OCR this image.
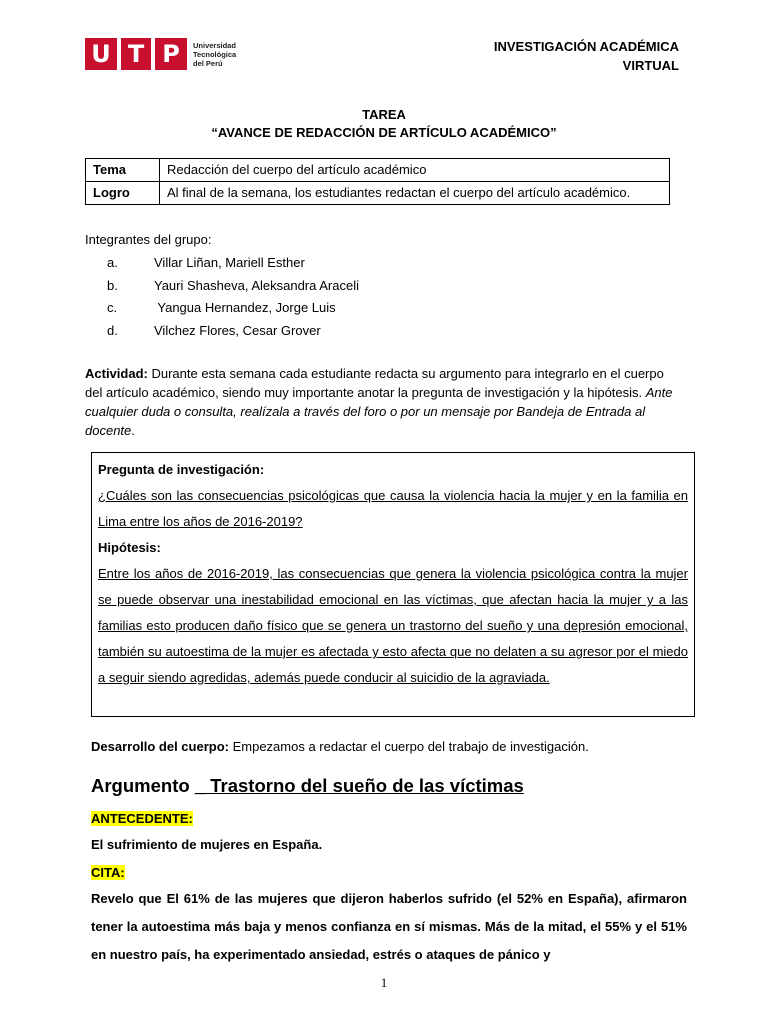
U T P	Universidad
Tecnológica
del Perú
INVESTIGACIÓN ACADÉMICA
VIRTUAL
TAREA
“AVANCE DE REDACCIÓN DE ARTÍCULO ACADÉMICO”
Tema	Redacción del cuerpo del artículo académico
Logro	Al final de la semana, los estudiantes redactan el cuerpo del artículo académico.
Integrantes del grupo:
a.	Villar Liñan, Mariell Esther
b.	Yauri Shasheva, Aleksandra Araceli
c.	Yangua Hernandez, Jorge Luis
d.	Vilchez Flores, Cesar Grover
Actividad: Durante esta semana cada estudiante redacta su argumento para integrarlo en el cuerpo del artículo académico, siendo muy importante anotar la pregunta de investigación y la hipótesis. Ante cualquier duda o consulta, realízala a través del foro o por un mensaje por Bandeja de Entrada al docente.
Pregunta de investigación:
¿Cuáles son las consecuencias psicológicas que causa la violencia hacia la mujer y en la familia en Lima entre los años de 2016-2019?
Hipótesis:
Entre los años de 2016-2019, las consecuencias que genera la violencia psicológica contra la mujer se puede observar una inestabilidad emocional en las víctimas, que afectan hacia la mujer y a las familias esto producen daño físico que se genera un trastorno del sueño y una depresión emocional, también su autoestima de la mujer es afectada y esto afecta que no delaten a su agresor por el miedo a seguir siendo agredidas, además puede conducir al suicidio de la agraviada.
Desarrollo del cuerpo: Empezamos a redactar el cuerpo del trabajo de investigación.
Argumento _ Trastorno del sueño de las víctimas
ANTECEDENTE:
El sufrimiento de mujeres en España.
CITA:
Revelo que El 61% de las mujeres que dijeron haberlos sufrido (el 52% en España), afirmaron tener la autoestima más baja y menos confianza en sí mismas. Más de la mitad, el 55% y el 51% en nuestro país, ha experimentado ansiedad, estrés o ataques de pánico y
1
